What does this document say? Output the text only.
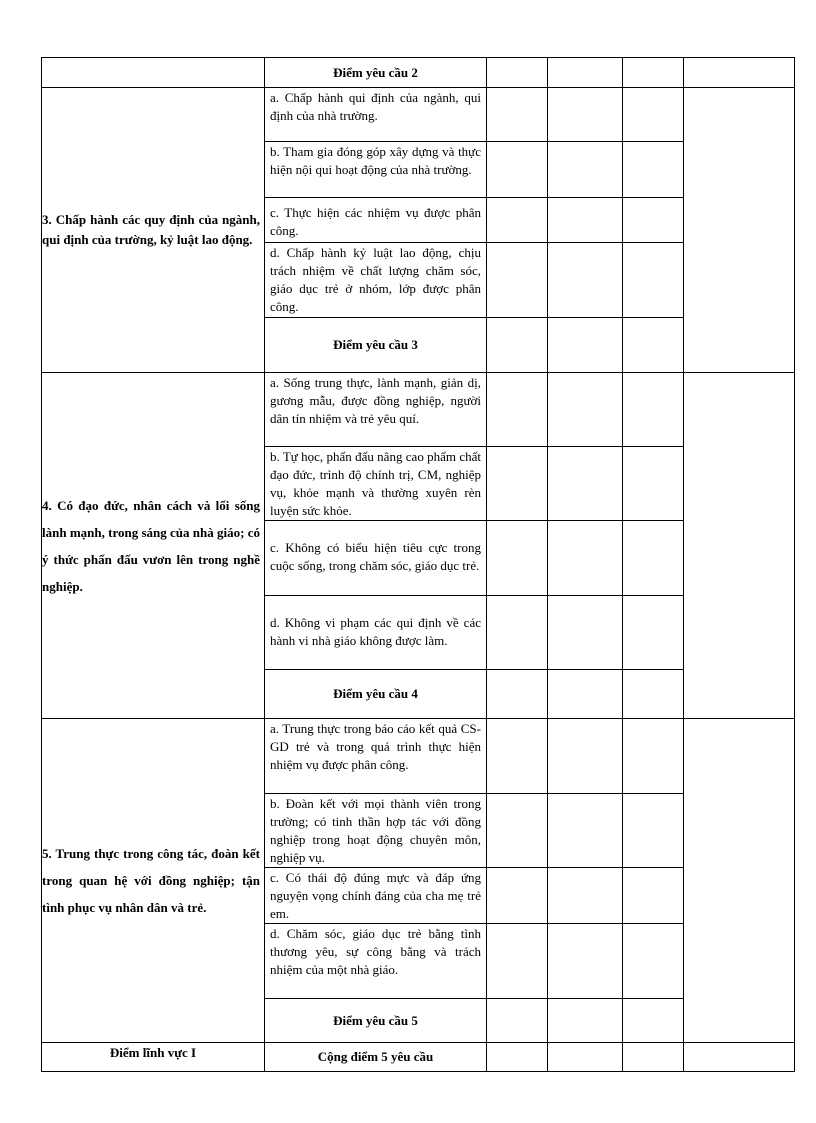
	Điểm yêu cầu 2				

3. Chấp hành các quy định của ngành, qui định của trường, kỷ luật lao động.	a. Chấp hành qui định của ngành, qui định của nhà trường.				

	b. Tham gia đóng góp xây dựng và thực hiện nội qui hoạt động của nhà trường.				

	c. Thực hiện các nhiệm vụ được phân công.				

	d. Chấp hành kỷ luật lao động, chịu trách nhiệm về chất lượng chăm sóc, giáo dục trẻ ở nhóm, lớp được phân công.				

	Điểm yêu cầu 3				

4. Có đạo đức, nhân cách và lối sống lành mạnh, trong sáng của nhà giáo; có ý thức phấn đấu vươn lên trong nghề nghiệp.	a. Sống trung thực, lành mạnh, giản dị, gương mẫu, được đồng nghiệp, người dân tín nhiệm và trẻ yêu quí.				

	b. Tự học, phấn đấu nâng cao phẩm chất đạo đức, trình độ chính trị, CM, nghiệp vụ, khỏe mạnh và thường xuyên rèn luyện sức khỏe.				

	c. Không có biểu hiện tiêu cực trong cuộc sống, trong chăm sóc, giáo dục trẻ.				

	d. Không vi phạm các qui định về các hành vi nhà giáo không được làm.				

	Điểm yêu cầu 4				

5. Trung thực trong công tác, đoàn kết trong quan hệ với đồng nghiệp; tận tình phục vụ nhân dân và trẻ.	a. Trung thực trong báo cáo kết quả CS-GD trẻ và trong quá trình thực hiện nhiệm vụ được phân công.				

	b. Đoàn kết với mọi thành viên trong trường; có tinh thần hợp tác với đồng nghiệp trong hoạt động chuyên môn, nghiệp vụ.				

	c. Có thái độ đúng mực và đáp ứng nguyện vọng chính đáng của cha mẹ trẻ em.				

	d. Chăm sóc, giáo dục trẻ bằng tình thương yêu, sự công bằng và trách nhiệm của một nhà giáo.				

	Điểm yêu cầu 5				
Điểm lĩnh vực I	Cộng điểm 5 yêu cầu				
